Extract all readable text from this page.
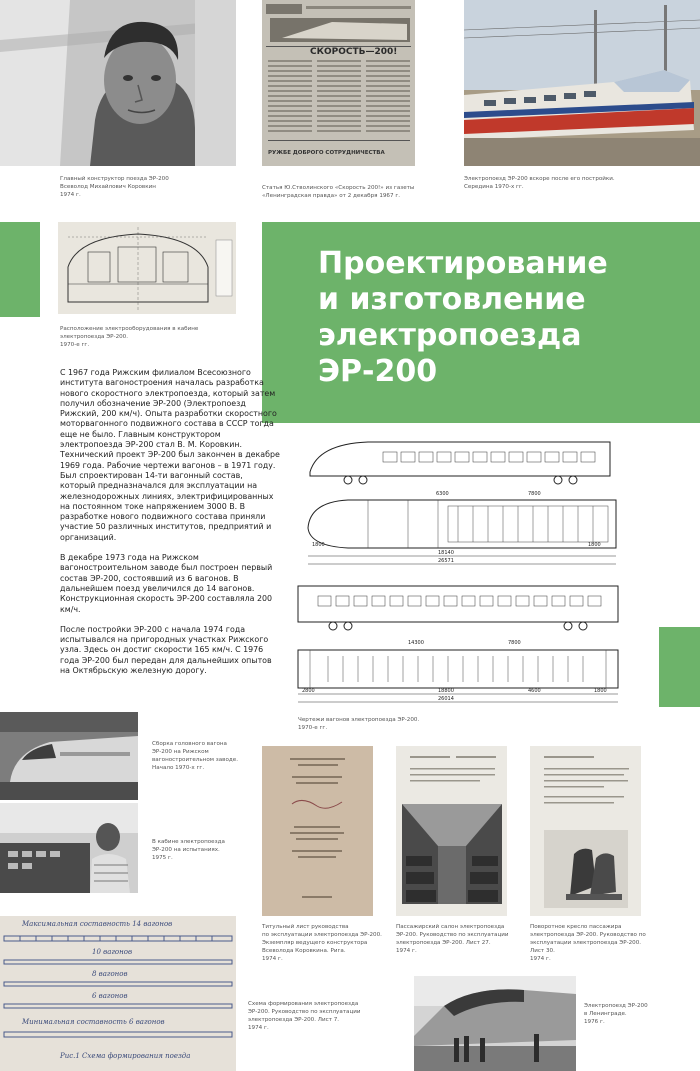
Главный конструктор поезда ЭР-200
Всеволод Михайлович Коровкин
1974 г.
СКОРОСТЬ—200!
РУЖБЕ ДОБРОГО СОТРУДНИЧЕСТВА
Статья Ю.Стволинского «Скорость 200!» из газеты
«Ленинградская правда» от 2 декабря 1967 г.
Электропоезд ЭР-200 вскоре после его постройки.
Середина 1970-х гг.
Проектирование
и изготовление
электропоезда
ЭР-200
Расположение электрооборудования в кабине
электропоезда ЭР-200.
1970-е гг.

С 1967 года Рижским филиалом Всесоюзного института вагоностроения началась разработка нового скоростного электропоезда, который затем получил обозначение ЭР-200 (Электропоезд Рижский, 200 км/ч). Опыта разработки скоростного моторвагонного подвижного состава в СССР тогда еще не было. Главным конструктором электропоезда ЭР-200 стал В. М. Коровкин. Технический проект ЭР-200 был закончен в декабре 1969 года. Рабочие чертежи вагонов – в 1971 году. Был спроектирован 14-ти вагонный состав, который предназначался для эксплуатации на железнодорожных линиях, электрифицированных на постоянном токе напряжением 3000 В. В разработке нового подвижного состава приняли участие 50 различных институтов, предприятий и организаций.

В декабре 1973 года на Рижском вагоностроительном заводе был построен первый состав ЭР-200, состоявший из 6 вагонов. В дальнейшем поезд увеличился до 14 вагонов. Конструкционная скорость ЭР-200 составляла 200 км/ч.

После постройки ЭР-200 с начала 1974 года испытывался на пригородных участках Рижского узла. Здесь он достиг скорости 165 км/ч. С 1976 года ЭР-200 был передан для дальнейших опытов на Октябрьскую железную дорогу.

6300	7800
1800	1800
18140
26571
14300	7800
2800	1800
18800
26014
4600
Чертежи вагонов электропоезда ЭР-200.
1970-е гг.
Сборка головного вагона
ЭР-200 на Рижском
вагоностроительном заводе.
Начало 1970-х гг.
В кабине электропоезда
ЭР-200 на испытаниях.
1975 г.
Титульный лист руководства
по эксплуатации электропоезда ЭР-200.
Экземпляр ведущего конструктора
Всеволода Коровкина. Рига.
1974 г.
Пассажирский салон электропоезда
ЭР-200. Руководство по эксплуатации
электропоезда ЭР-200. Лист 27.
1974 г.
Поворотное кресло пассажира
электропоезда ЭР-200. Руководство по
эксплуатации электропоезда ЭР-200.
Лист 30.
1974 г.
Максимальная составность 14 вагонов
10 вагонов
8 вагонов
6 вагонов
Минимальная составность 6 вагонов
Рис.1 Схема формирования поезда
Схема формирования электропоезда
ЭР-200. Руководство по эксплуатации
электропоезда ЭР-200. Лист 7.
1974 г.
Электропоезд ЭР-200
в Ленинграде.
1976 г.
